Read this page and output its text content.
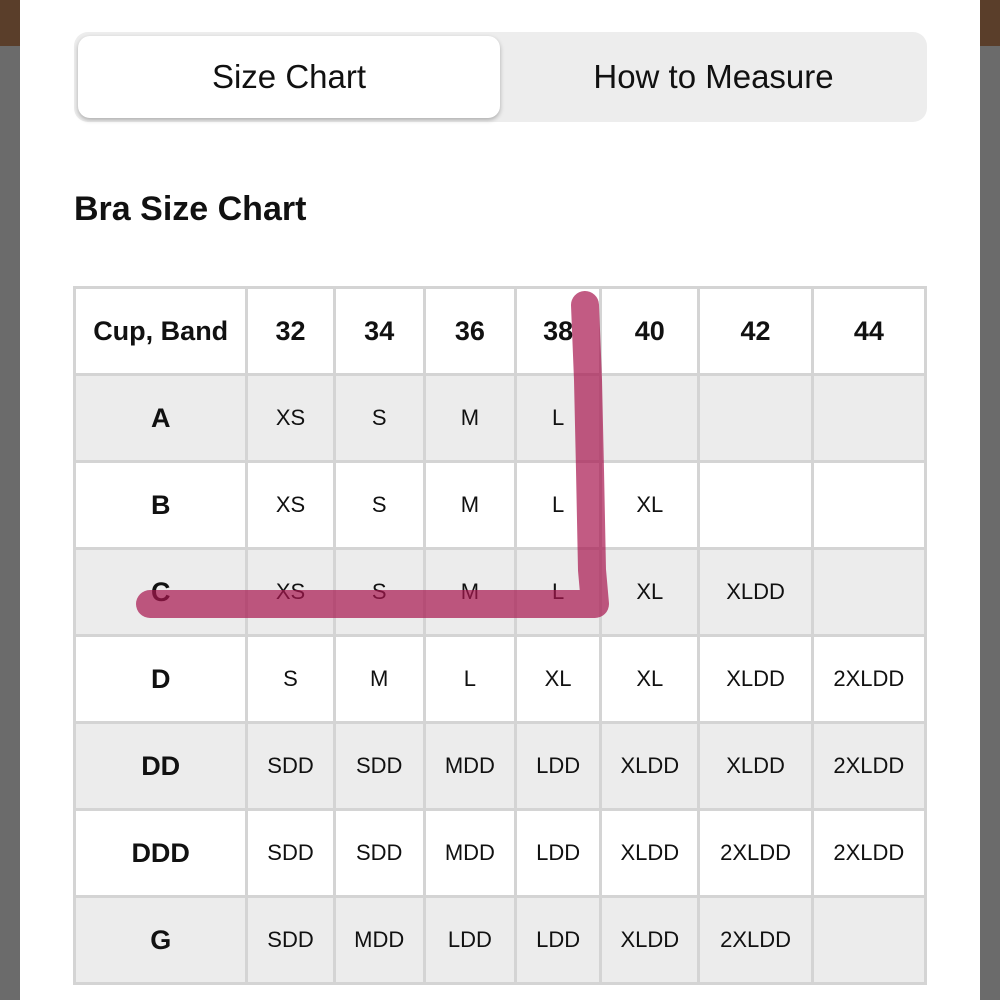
Size Chart	How to Measure
Bra Size Chart
Cup, Band	32	34	36	38	40	42	44
A	XS	S	M	L			
B	XS	S	M	L	XL		
C	XS	S	M	L	XL	XLDD	
D	S	M	L	XL	XL	XLDD	2XLDD
DD	SDD	SDD	MDD	LDD	XLDD	XLDD	2XLDD
DDD	SDD	SDD	MDD	LDD	XLDD	2XLDD	2XLDD
G	SDD	MDD	LDD	LDD	XLDD	2XLDD	
